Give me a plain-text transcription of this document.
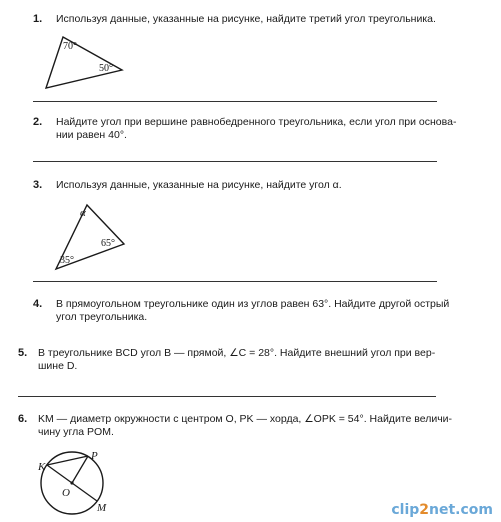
1. Используя данные, указанные на рисунке, найдите третий угол треугольника.
70°
50°
2. Найдите угол при вершине равнобедренного треугольника, если угол при основа-
нии равен 40°.
3. Используя данные, указанные на рисунке, найдите угол α.
α
65°
35°
4. В прямоугольном треугольнике один из углов равен 63°. Найдите другой острый
угол треугольника.
5. В треугольнике BCD угол B — прямой, ∠C = 28°. Найдите внешний угол при вер-
шине D.
6. KM — диаметр окружности с центром O, PK — хорда, ∠OPK = 54°. Найдите величи-
чину угла POM.
K
P
O
M	clip2net.com
